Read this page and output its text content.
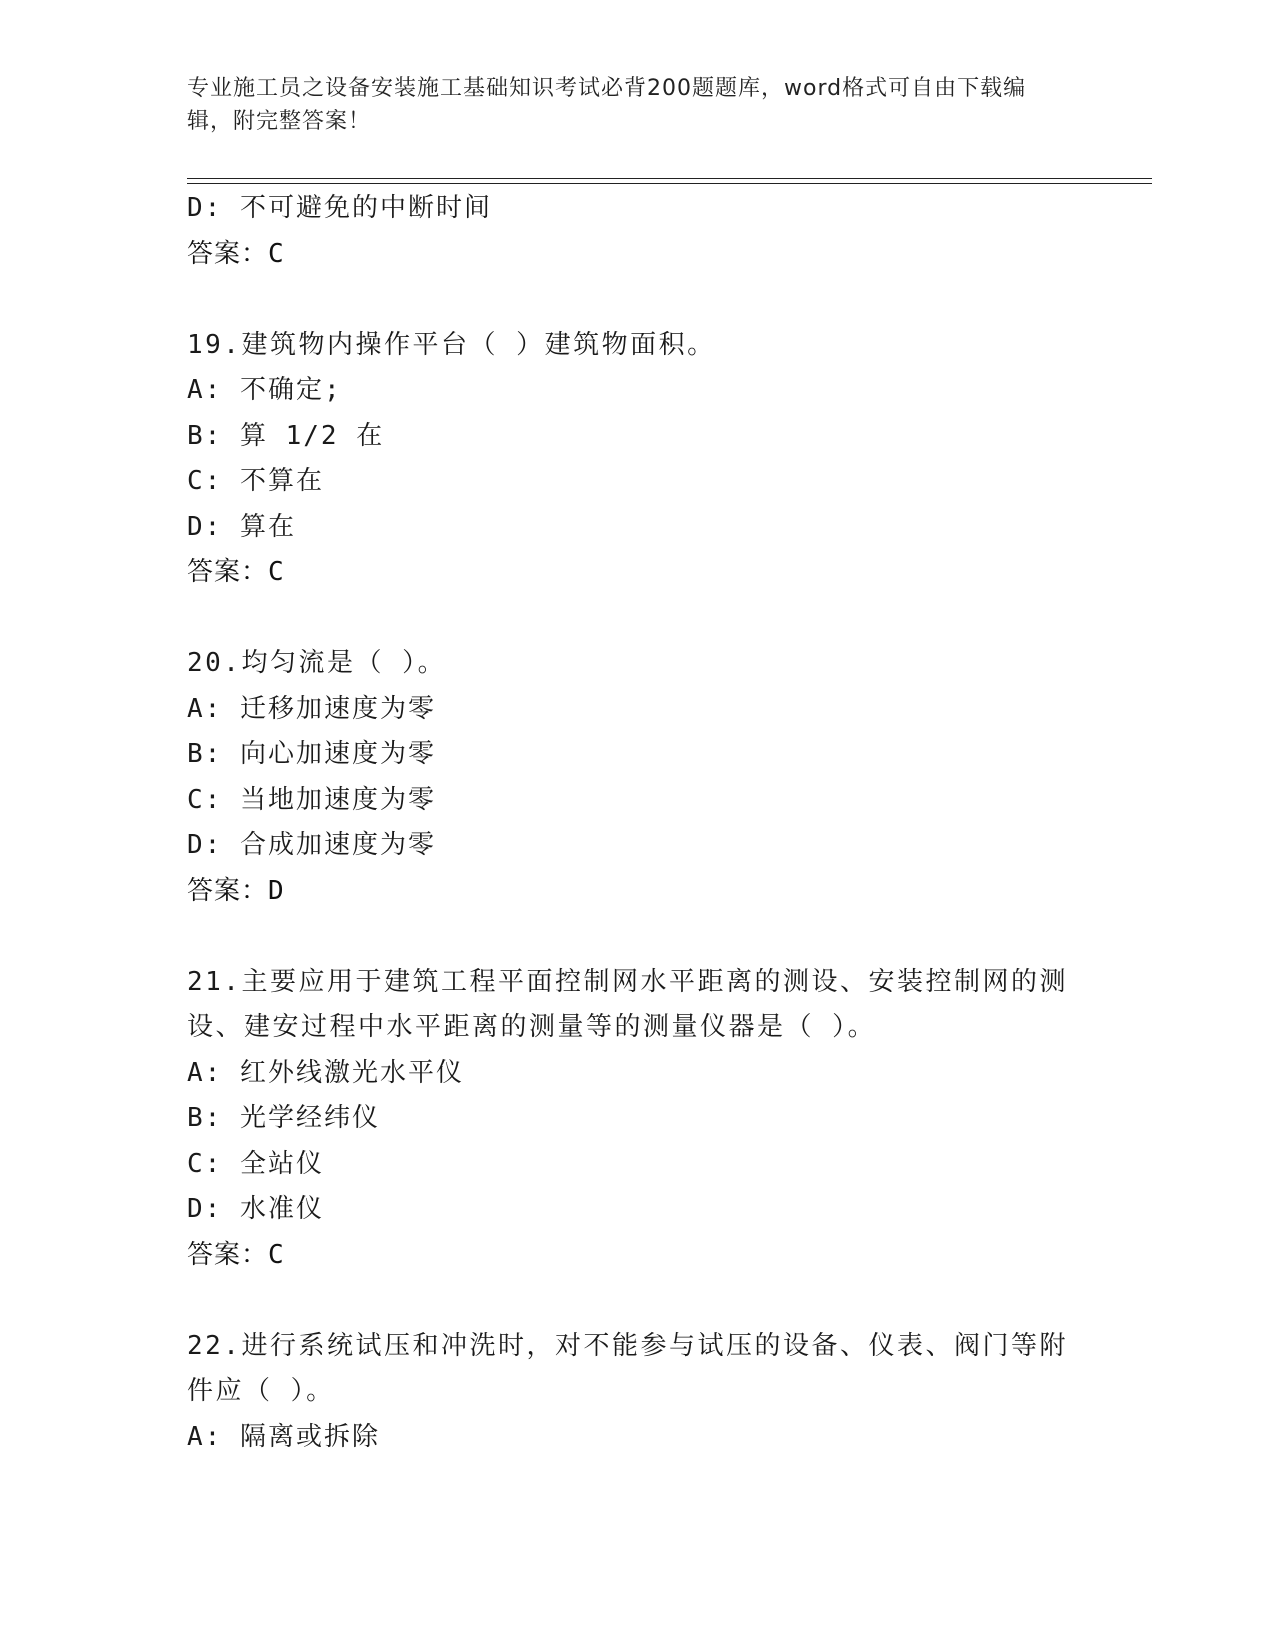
专业施工员之设备安装施工基础知识考试必背200题题库，word格式可自由下载编辑，附完整答案！
D: 不可避免的中断时间
答案：C
19.建筑物内操作平台（ ）建筑物面积。
A: 不确定;
B: 算 1/2 在
C: 不算在
D: 算在
答案：C
20.均匀流是（ ）。
A: 迁移加速度为零
B: 向心加速度为零
C: 当地加速度为零
D: 合成加速度为零
答案：D
21.主要应用于建筑工程平面控制网水平距离的测设、安装控制网的测设、建安过程中水平距离的测量等的测量仪器是（ ）。
A: 红外线激光水平仪
B: 光学经纬仪
C: 全站仪
D: 水准仪
答案：C
22.进行系统试压和冲洗时，对不能参与试压的设备、仪表、阀门等附件应（ ）。
A: 隔离或拆除
